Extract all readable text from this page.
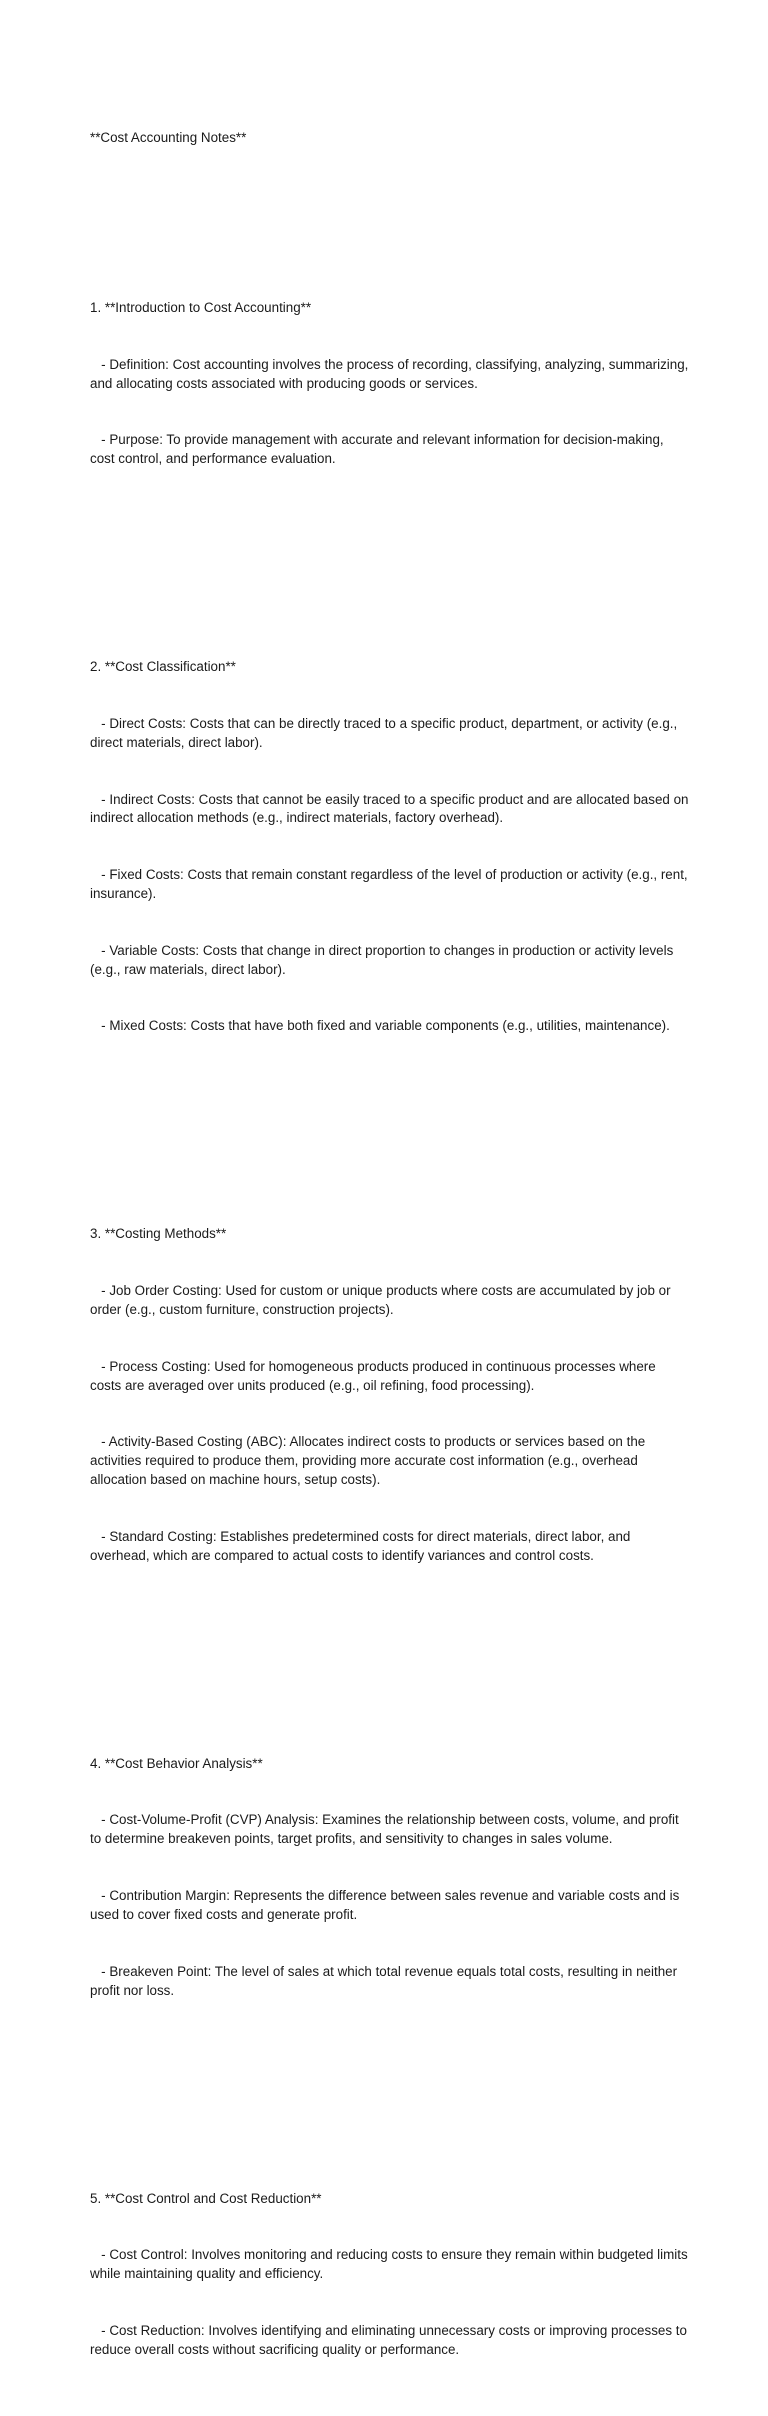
**Cost Accounting Notes**

1. **Introduction to Cost Accounting**

- Definition: Cost accounting involves the process of recording, classifying, analyzing, summarizing, and allocating costs associated with producing goods or services.

- Purpose: To provide management with accurate and relevant information for decision-making, cost control, and performance evaluation.

2. **Cost Classification**

- Direct Costs: Costs that can be directly traced to a specific product, department, or activity (e.g., direct materials, direct labor).

- Indirect Costs: Costs that cannot be easily traced to a specific product and are allocated based on indirect allocation methods (e.g., indirect materials, factory overhead).

- Fixed Costs: Costs that remain constant regardless of the level of production or activity (e.g., rent, insurance).

- Variable Costs: Costs that change in direct proportion to changes in production or activity levels (e.g., raw materials, direct labor).

- Mixed Costs: Costs that have both fixed and variable components (e.g., utilities, maintenance).

3. **Costing Methods**

- Job Order Costing: Used for custom or unique products where costs are accumulated by job or order (e.g., custom furniture, construction projects).

- Process Costing: Used for homogeneous products produced in continuous processes where costs are averaged over units produced (e.g., oil refining, food processing).

- Activity-Based Costing (ABC): Allocates indirect costs to products or services based on the activities required to produce them, providing more accurate cost information (e.g., overhead allocation based on machine hours, setup costs).

- Standard Costing: Establishes predetermined costs for direct materials, direct labor, and overhead, which are compared to actual costs to identify variances and control costs.

4. **Cost Behavior Analysis**

- Cost-Volume-Profit (CVP) Analysis: Examines the relationship between costs, volume, and profit to determine breakeven points, target profits, and sensitivity to changes in sales volume.

- Contribution Margin: Represents the difference between sales revenue and variable costs and is used to cover fixed costs and generate profit.

- Breakeven Point: The level of sales at which total revenue equals total costs, resulting in neither profit nor loss.

5. **Cost Control and Cost Reduction**

- Cost Control: Involves monitoring and reducing costs to ensure they remain within budgeted limits while maintaining quality and efficiency.

- Cost Reduction: Involves identifying and eliminating unnecessary costs or improving processes to reduce overall costs without sacrificing quality or performance.
